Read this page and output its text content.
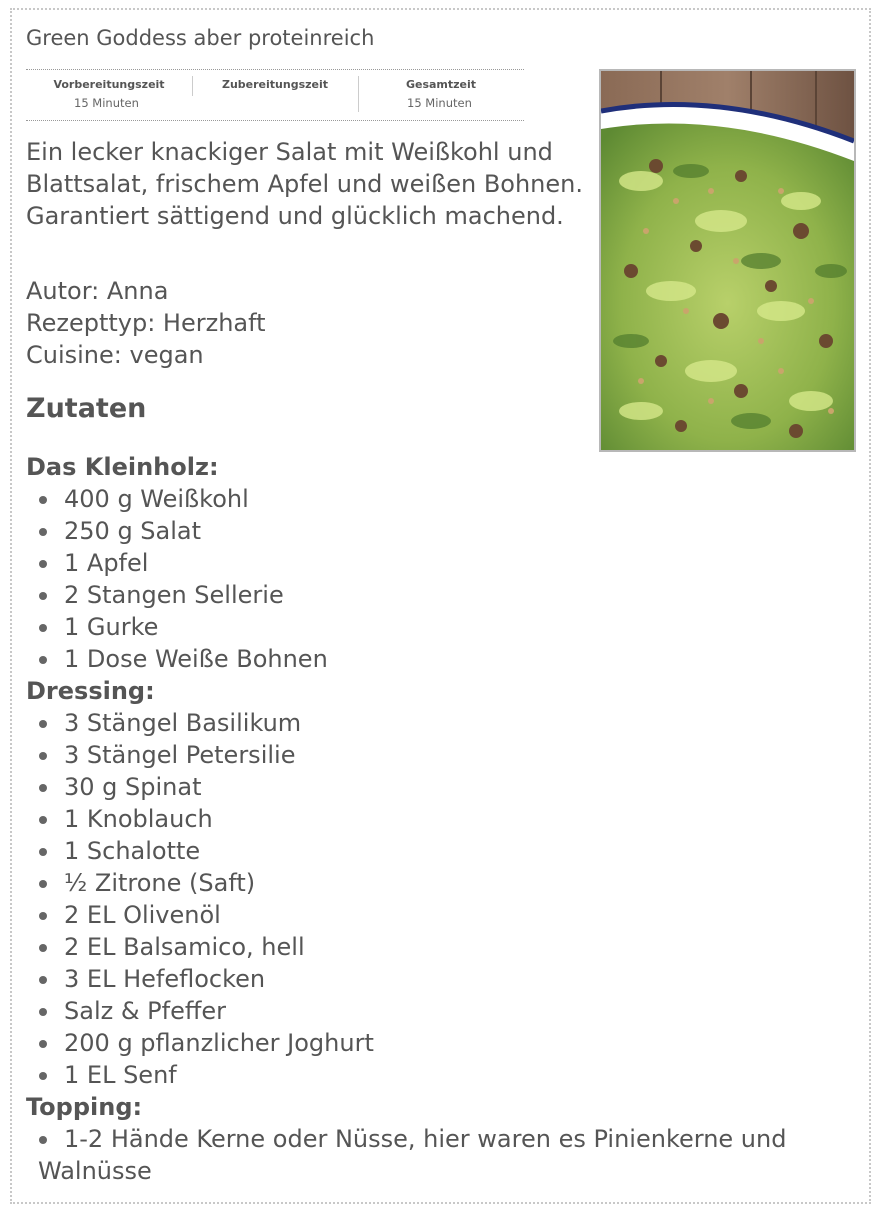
Green Goddess aber proteinreich
Vorbereitungszeit
15 Minuten
Zubereitungszeit	Gesamtzeit
15 Minuten

Ein lecker knackiger Salat mit Weißkohl und Blattsalat, frischem Apfel und weißen Bohnen. Garantiert sättigend und glücklich machend.

Autor: Anna
Rezepttyp: Herzhaft
Cuisine: vegan
Zutaten
Das Kleinholz:
400 g Weißkohl
250 g Salat
1 Apfel
2 Stangen Sellerie
1 Gurke
1 Dose Weiße Bohnen
Dressing:
3 Stängel Basilikum
3 Stängel Petersilie
30 g Spinat
1 Knoblauch
1 Schalotte
½ Zitrone (Saft)
2 EL Olivenöl
2 EL Balsamico, hell
3 EL Hefeflocken
Salz & Pfeffer
200 g pflanzlicher Joghurt
1 EL Senf
Topping:
1-2 Hände Kerne oder Nüsse, hier waren es Pinienkerne und Walnüsse
